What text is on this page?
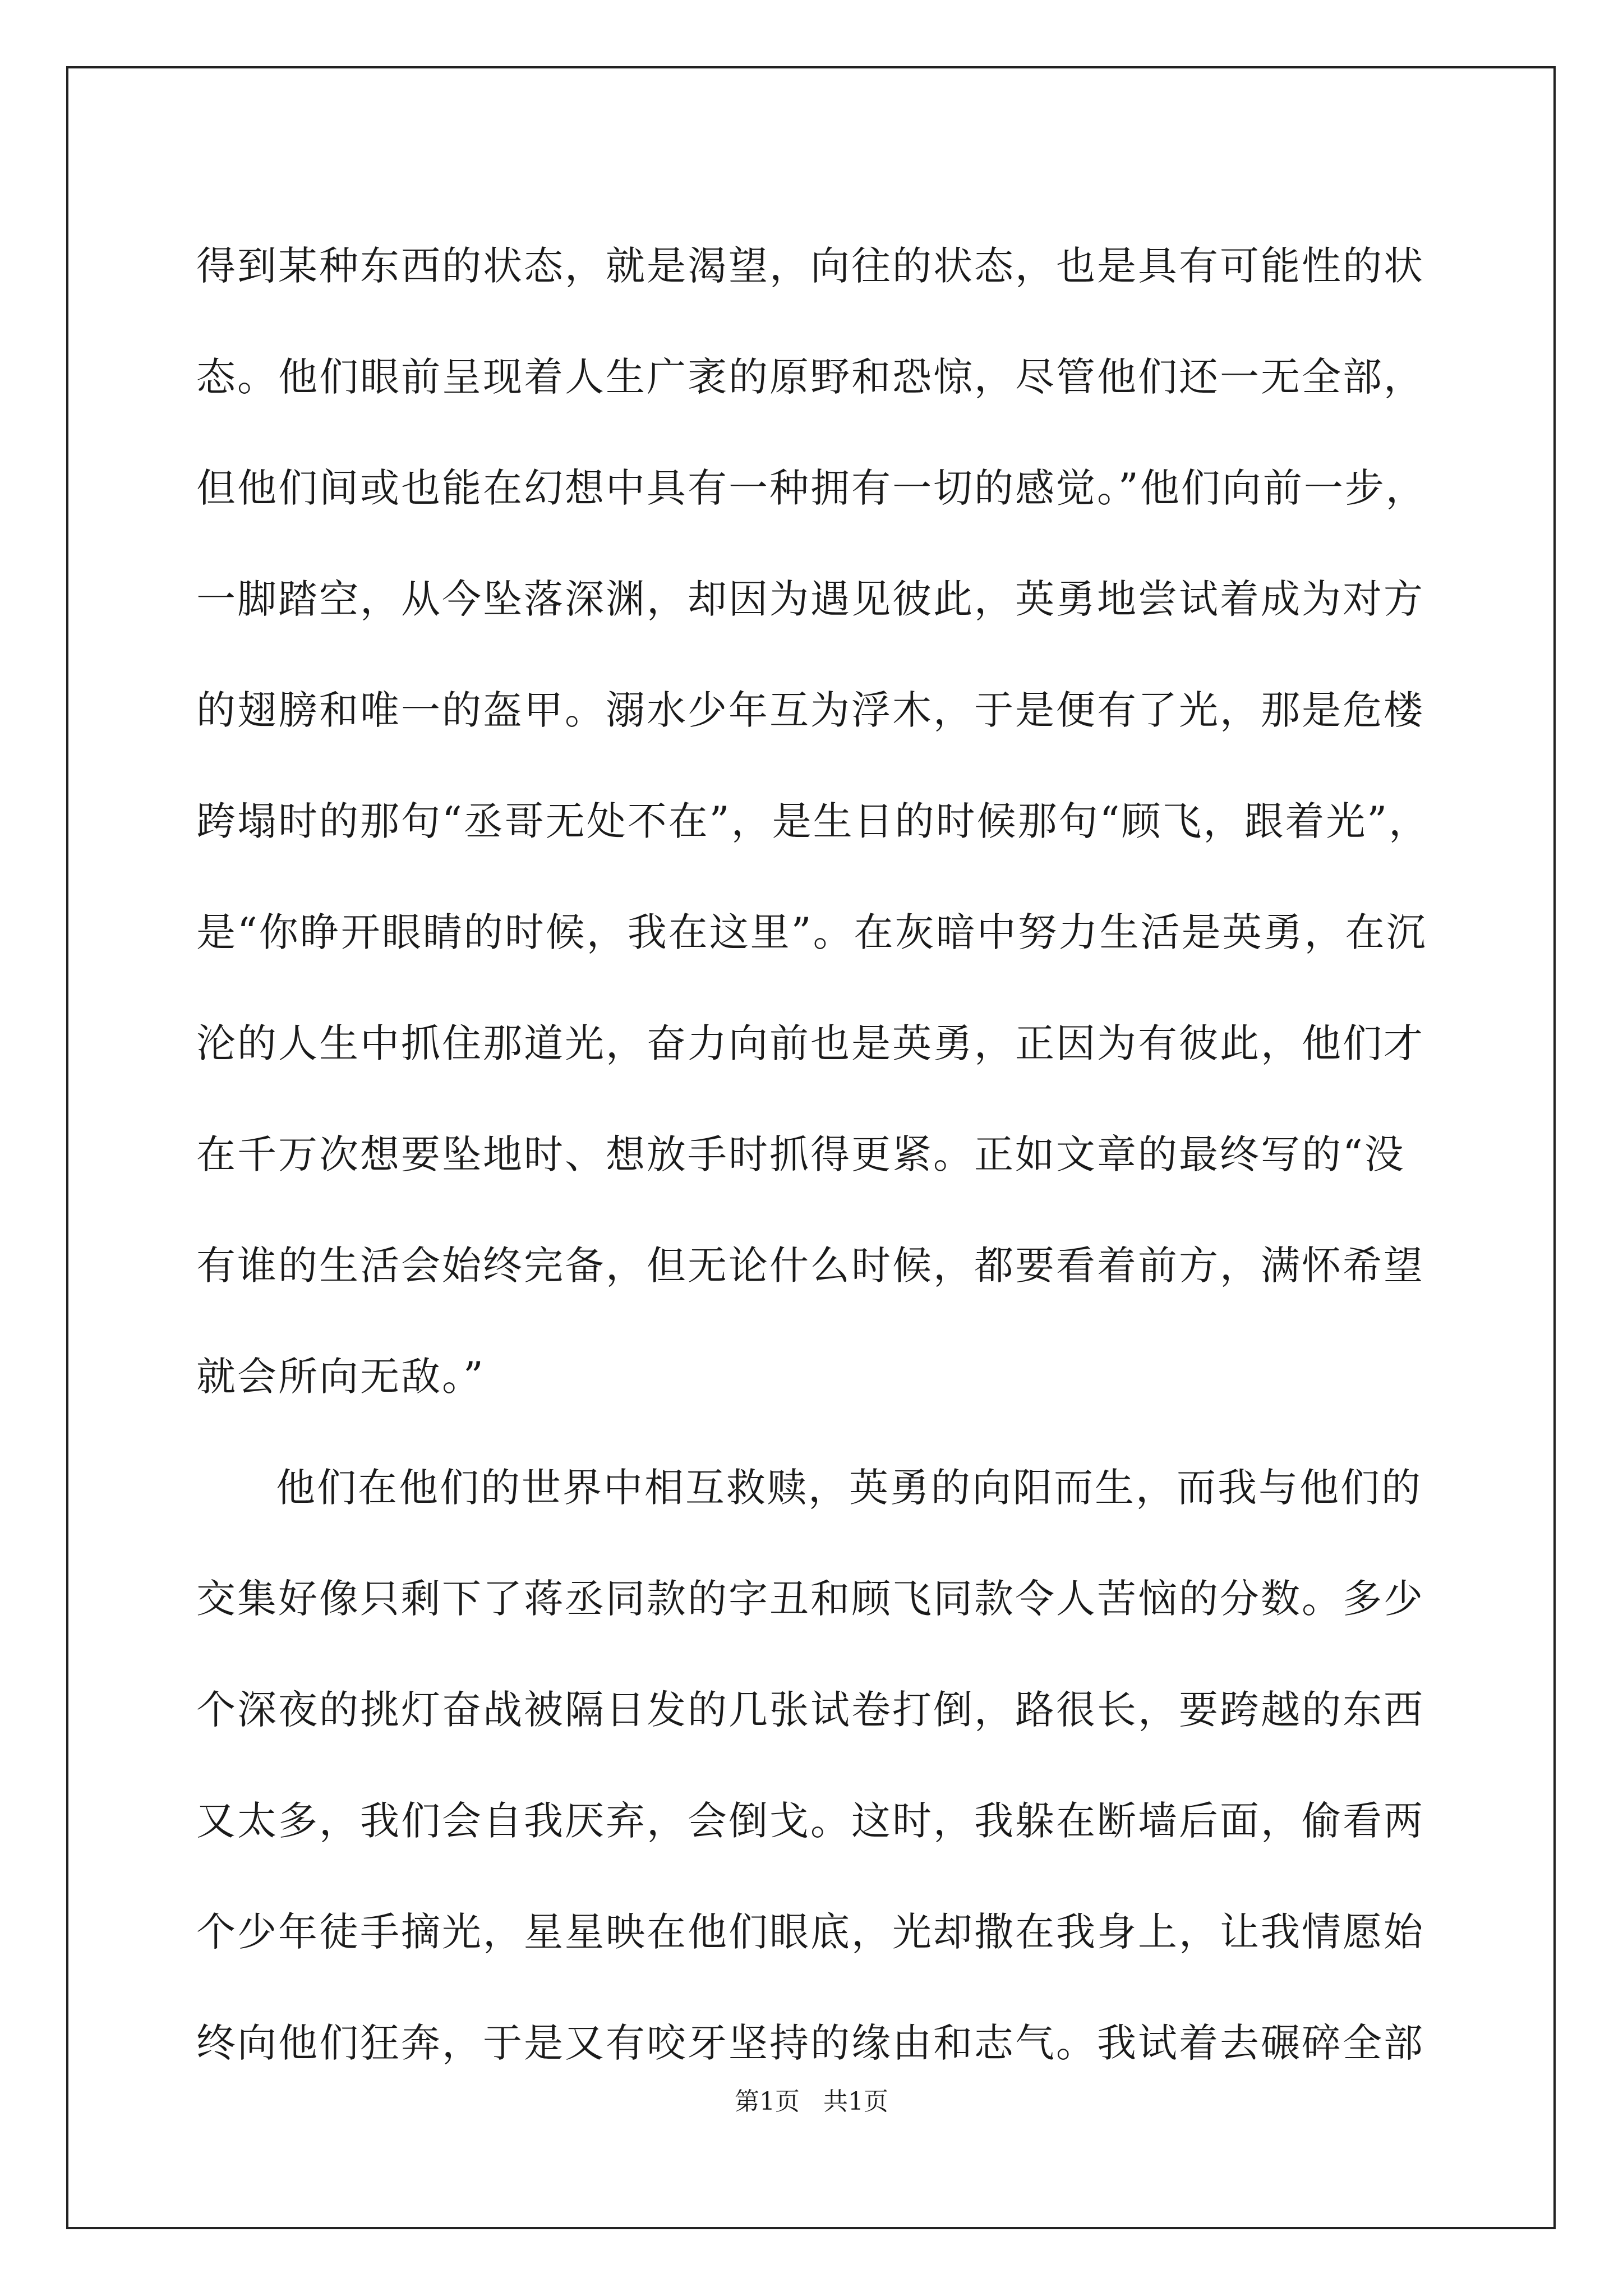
得到某种东西的状态，就是渴望，向往的状态，也是具有可能性的状
态。他们眼前呈现着人生广袤的原野和恐惊，尽管他们还一无全部，
但他们间或也能在幻想中具有一种拥有一切的感觉。”他们向前一步，
一脚踏空，从今坠落深渊，却因为遇见彼此，英勇地尝试着成为对方
的翅膀和唯一的盔甲。溺水少年互为浮木，于是便有了光，那是危楼
跨塌时的那句“丞哥无处不在”，是生日的时候那句“顾飞，跟着光”，
是“你睁开眼睛的时候，我在这里”。在灰暗中努力生活是英勇，在沉
沦的人生中抓住那道光，奋力向前也是英勇，正因为有彼此，他们才
在千万次想要坠地时、想放手时抓得更紧。正如文章的最终写的“没
有谁的生活会始终完备，但无论什么时候，都要看着前方，满怀希望
就会所向无敌。”
他们在他们的世界中相互救赎，英勇的向阳而生，而我与他们的
交集好像只剩下了蒋丞同款的字丑和顾飞同款令人苦恼的分数。多少
个深夜的挑灯奋战被隔日发的几张试卷打倒，路很长，要跨越的东西
又太多，我们会自我厌弃，会倒戈。这时，我躲在断墙后面，偷看两
个少年徒手摘光，星星映在他们眼底，光却撒在我身上，让我情愿始
终向他们狂奔，于是又有咬牙坚持的缘由和志气。我试着去碾碎全部
第1页   共1页
